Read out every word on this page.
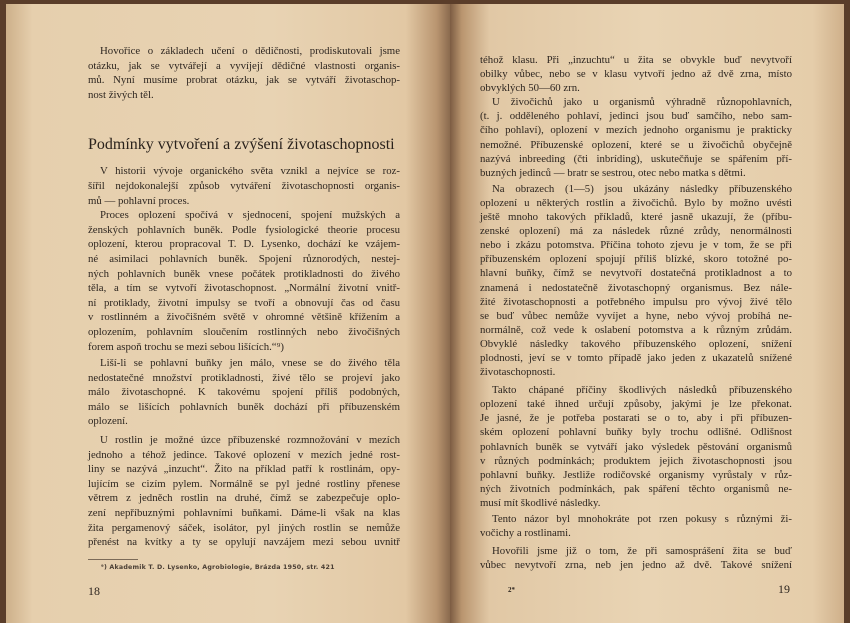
Hovořice o základech učení o dědičnosti, prodiskutovali jsme
otázku, jak se vytvářejí a vyvíjejí dědičné vlastnosti organis-
mů. Nyní musíme probrat otázku, jak se vytváří životaschop-
nost živých těl.
V historii vývoje organického světa vznikl a nejvíce se roz-
šířil nejdokonalejší způsob vytváření životaschopnosti organis-
mů — pohlavní proces.
Proces oplození spočívá v sjednocení, spojení mužských a
ženských pohlavních buněk. Podle fysiologické theorie procesu
oplození, kterou propracoval T. D. Lysenko, dochází ke vzájem-
né asimilaci pohlavních buněk. Spojení různorodých, nestej-
ných pohlavních buněk vnese počátek protikladnosti do živého
těla, a tím se vytvoří životaschopnost. „Normální životní vnitř-
ní protiklady, životní impulsy se tvoří a obnovují čas od času
v rostlinném a živočišném světě v ohromné většině křížením a
oplozením, pohlavním sloučením rostlinných nebo živočišných
forem aspoň trochu se mezi sebou lišících.“⁹)
Liší-li se pohlavní buňky jen málo, vnese se do živého těla
nedostatečné množství protikladnosti, živé tělo se projeví jako
málo životaschopné. K takovému spojení příliš podobných,
málo se lišících pohlavních buněk dochází při příbuzenském
oplození.
U rostlin je možné úzce příbuzenské rozmnožování v mezích
jednoho a téhož jedince. Takové oplození v mezích jedné rost-
liny se nazývá „inzucht“. Žito na příklad patří k rostlinám, opy-
lujícím se cizím pylem. Normálně se pyl jedné rostliny přenese
větrem z jedněch rostlin na druhé, čímž se zabezpečuje oplo-
zení nepříbuznými pohlavními buňkami. Dáme-li však na klas
žita pergamenový sáček, isolátor, pyl jiných rostlin se nemůže
přenést na kvítky a ty se opylují navzájem mezi sebou uvnitř
Podmínky vytvoření a zvýšení životaschopnosti
⁹) Akademik T. D. Lysenko, Agrobiologie, Brázda 1950, str. 421
18
téhož klasu. Při „inzuchtu“ u žita se obvykle buď nevytvoří
obilky vůbec, nebo se v klasu vytvoří jedno až dvě zrna, místo
obvyklých 50—60 zrn.
U živočichů jako u organismů výhradně různopohlavních,
(t. j. odděleného pohlaví, jedinci jsou buď samčího, nebo sam-
čího pohlaví), oplození v mezích jednoho organismu je prakticky
nemožné. Příbuzenské oplození, které se u živočichů obyčejně
nazývá inbreeding (čti inbríding), uskutečňuje se spářením pří-
buzných jedinců — bratr se sestrou, otec nebo matka s dětmi.
Na obrazech (1—5) jsou ukázány následky příbuzenského
oplození u některých rostlin a živočichů. Bylo by možno uvésti
ještě mnoho takových příkladů, které jasně ukazují, že (příbu-
zenské oplození) má za následek různé zrůdy, nenormálnosti
nebo i zkázu potomstva. Příčina tohoto zjevu je v tom, že se při
příbuzenském oplození spojují příliš blízké, skoro totožné po-
hlavní buňky, čímž se nevytvoří dostatečná protikladnost a to
znamená i nedostatečně životaschopný organismus. Bez nále-
žité životaschopnosti a potřebného impulsu pro vývoj živé tělo
se buď vůbec nemůže vyvíjet a hyne, nebo vývoj probíhá ne-
normálně, což vede k oslabení potomstva a k různým zrůdám.
Obvyklé následky takového příbuzenského oplození, snížení
plodnosti, jeví se v tomto případě jako jeden z ukazatelů snížené
životaschopnosti.
Takto chápané příčiny škodlivých následků příbuzenského
oplození také ihned určují způsoby, jakými je lze překonat.
Je jasné, že je potřeba postarati se o to, aby i při příbuzen-
ském oplození pohlavní buňky byly trochu odlišné. Odlišnost
pohlavních buněk se vytváří jako výsledek pěstování organismů
v různých podmínkách; produktem jejich životaschopnosti jsou
pohlavní buňky. Jestliže rodičovské organismy vyrůstaly v růz-
ných životních podmínkách, pak spáření těchto organismů ne-
musí mít škodlivé následky.
Tento názor byl mnohokráte pot rzen pokusy s různými ži-
vočichy a rostlinami.
Hovořili jsme již o tom, že při samosprášení žita se buď
vůbec nevytvoří zrna, neb jen jedno až dvě. Takové snížení
2*	19
